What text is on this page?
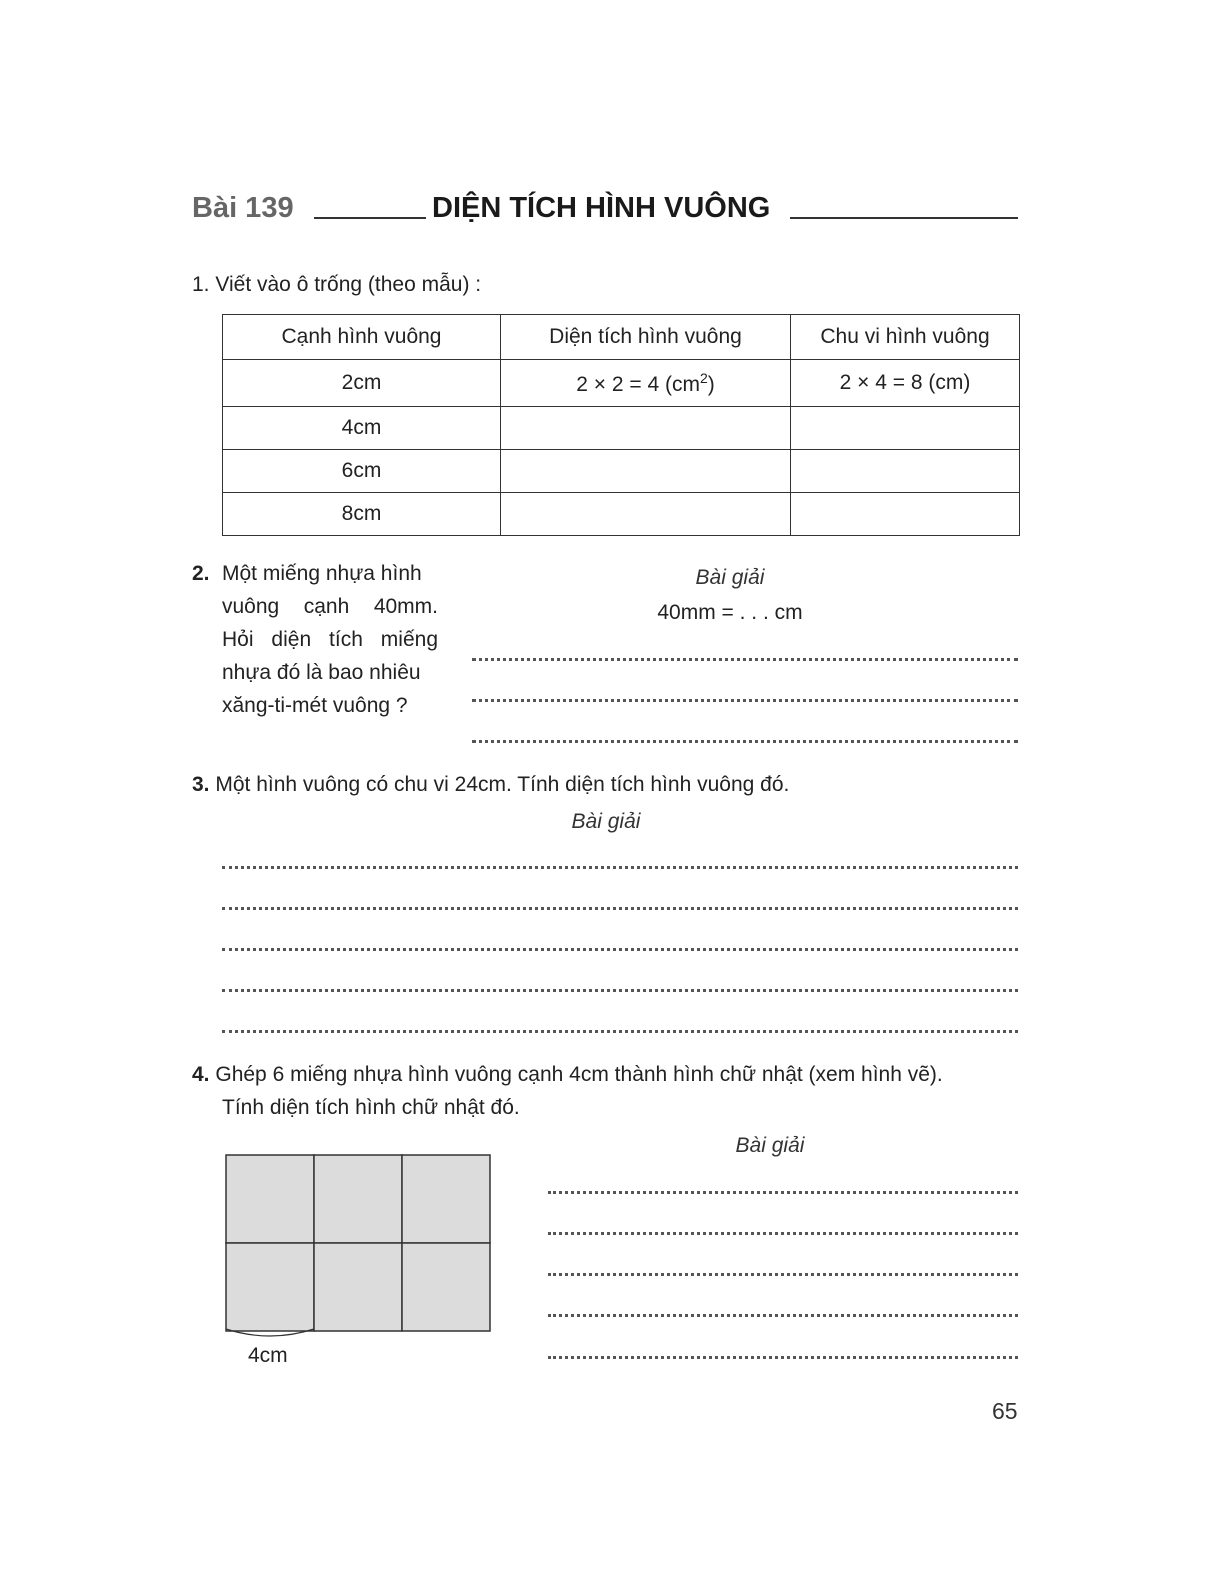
Bài 139	DIỆN TÍCH HÌNH VUÔNG
1. Viết vào ô trống (theo mẫu) :
Cạnh hình vuông	Diện tích hình vuông	Chu vi hình vuông
2cm	2 × 2 = 4 $(cm^2)$	2 × 4 = 8 (cm)
4cm		
6cm		
8cm		
2. Một miếng nhựa hình
vuông cạnh 40mm.
Hỏi diện tích miếng
nhựa đó là bao nhiêu
xăng-ti-mét vuông ?
Bài giải
40mm = . . . cm
3. Một hình vuông có chu vi 24cm. Tính diện tích hình vuông đó.
Bài giải
4. Ghép 6 miếng nhựa hình vuông cạnh 4cm thành hình chữ nhật (xem hình vẽ).
Tính diện tích hình chữ nhật đó.
Bài giải
4cm
65
